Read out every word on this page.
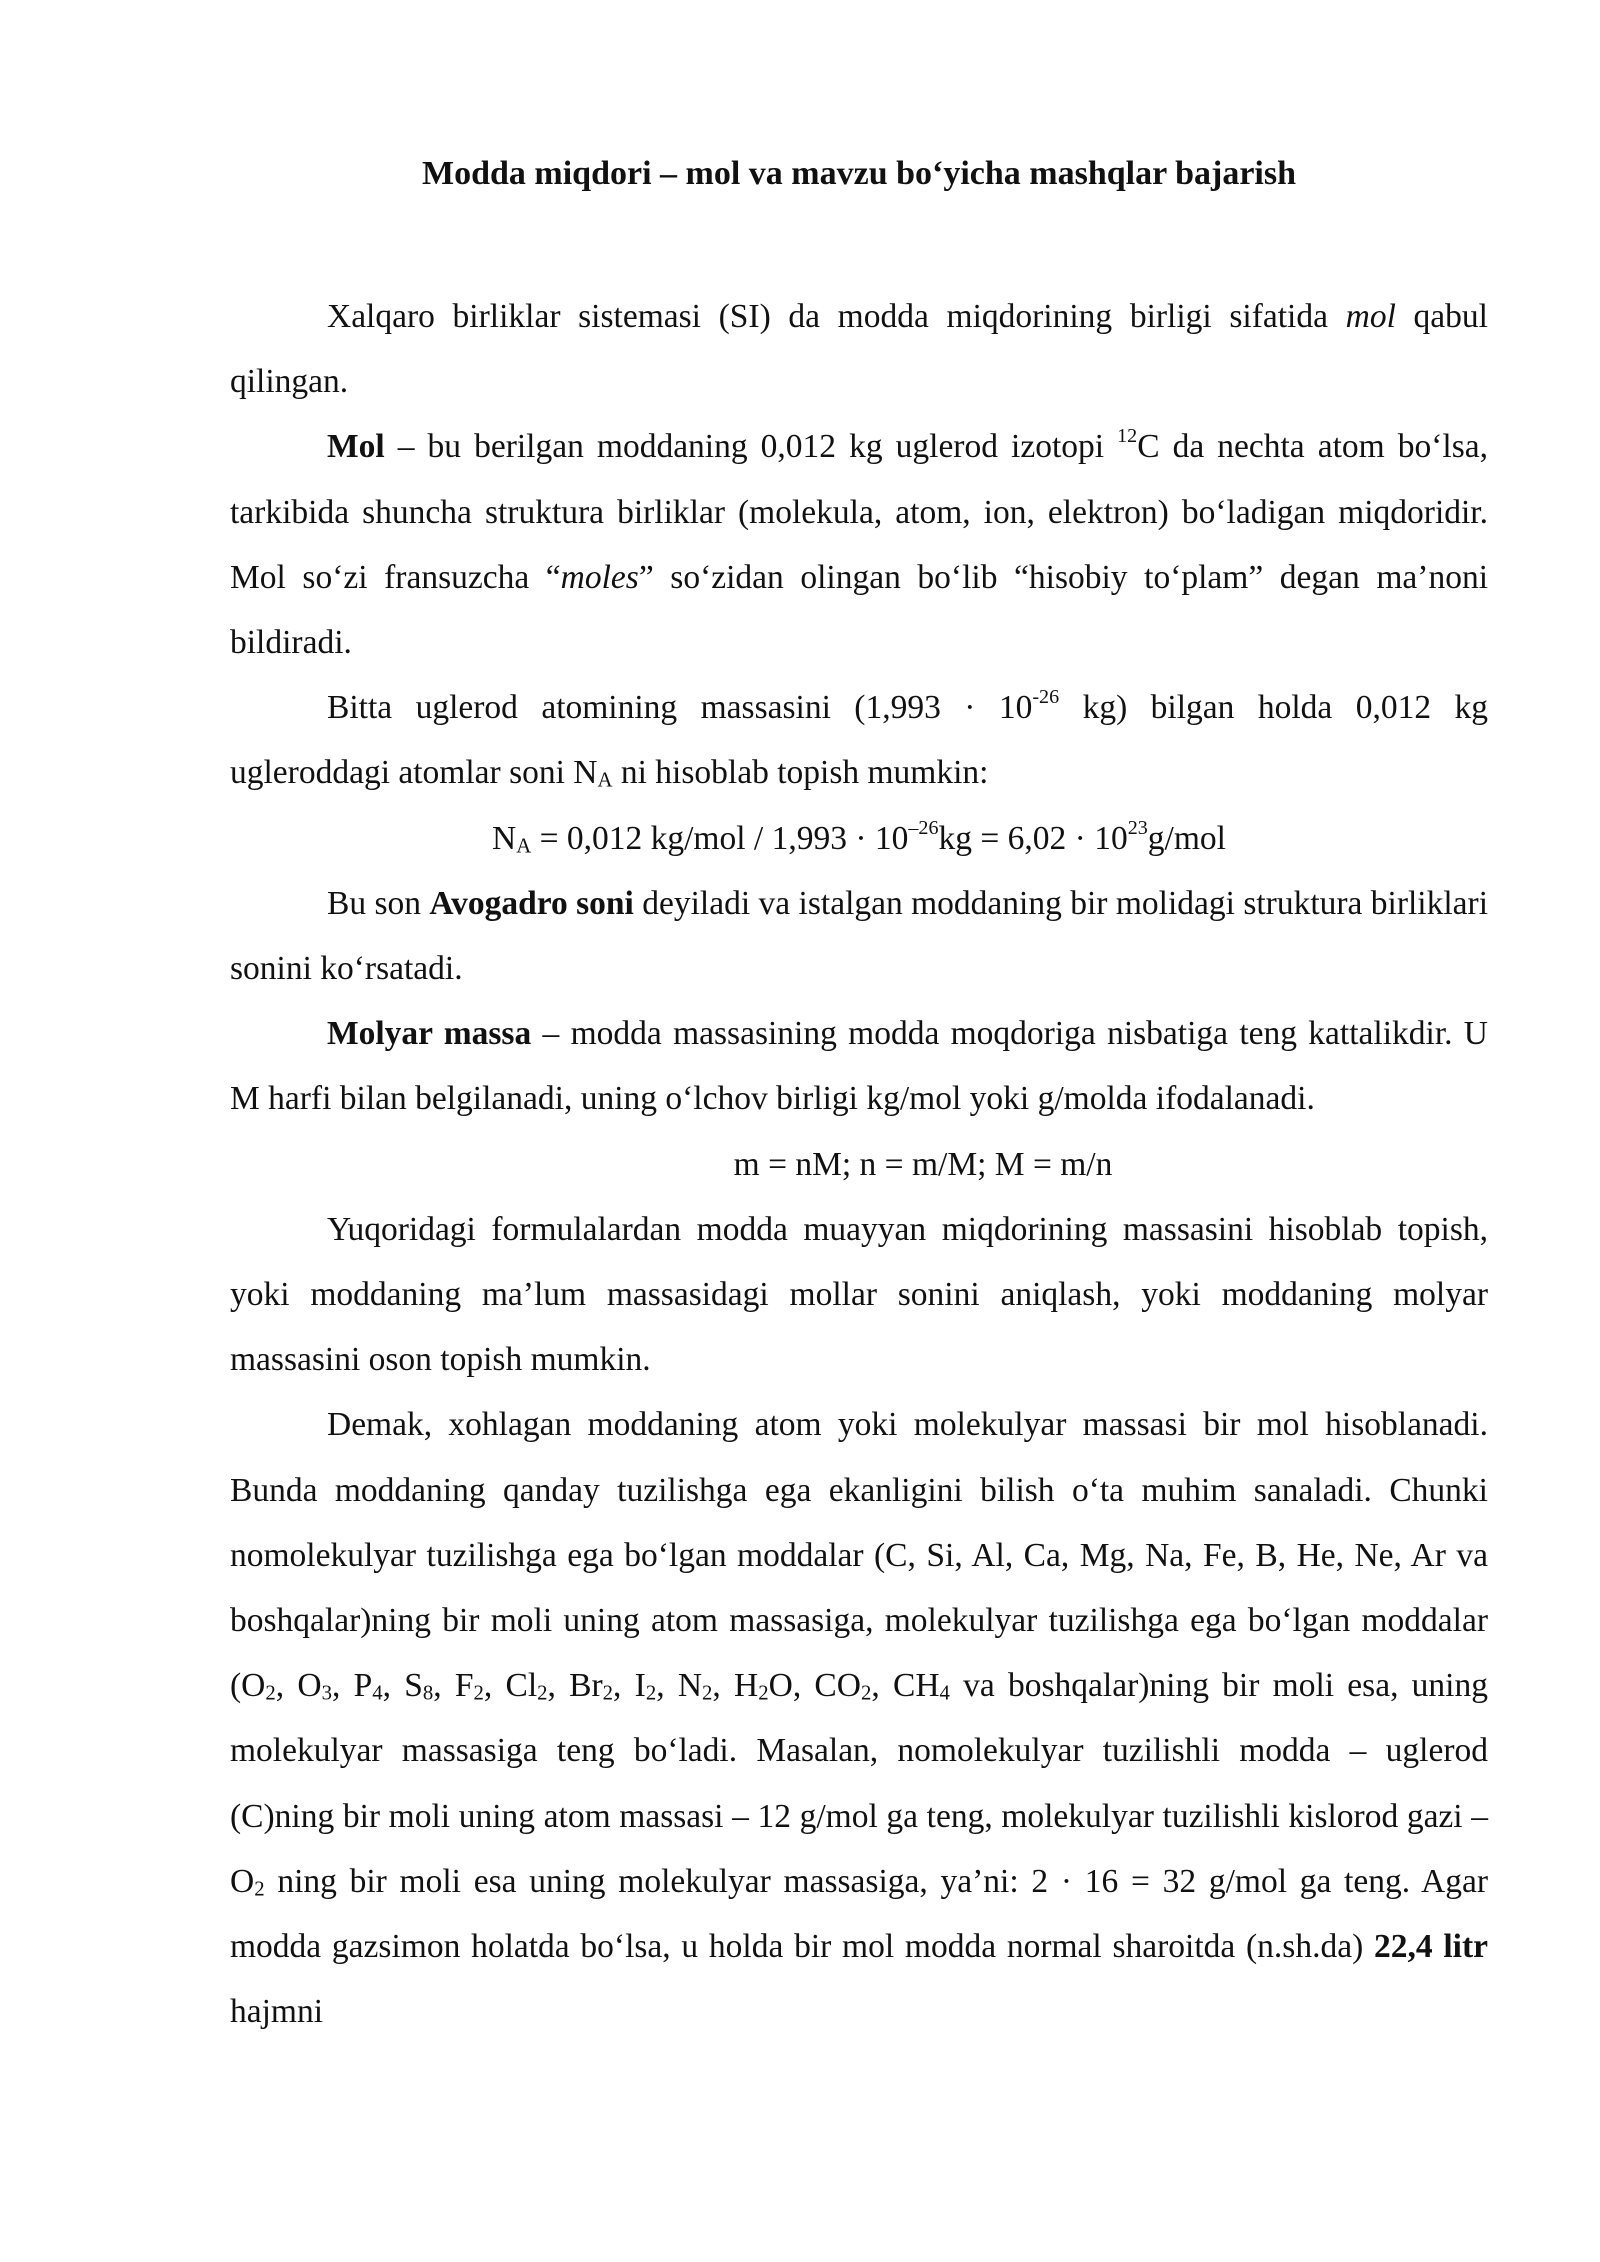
Modda miqdori – mol va mavzu bo‘yicha mashqlar bajarish

Xalqaro birliklar sistemasi (SI) da modda miqdorining birligi sifatida mol qabul qilingan.

Mol – bu berilgan moddaning 0,012 kg uglerod izotopi $^{12}$C da nechta atom bo‘lsa, tarkibida shuncha struktura birliklar (molekula, atom, ion, elektron) bo‘ladigan miqdoridir. Mol so‘zi fransuzcha “moles” so‘zidan olingan bo‘lib “hisobiy to‘plam” degan ma’noni bildiradi.

Bitta uglerod atomining massasini ($1,993 \cdot 10^{-26}$ kg) bilgan holda 0,012 kg ugleroddagi atomlar soni $N_A$ ni hisoblab topish mumkin:

$N_A = 0,012$ $kg/mol / 1,993 \cdot 10^{-26}kg = 6,02 \cdot 10^{23}g/mol$

Bu son Avogadro soni deyiladi va istalgan moddaning bir molidagi struktura birliklari sonini ko‘rsatadi.

Molyar massa – modda massasining modda moqdoriga nisbatiga teng kattalikdir. U M harfi bilan belgilanadi, uning o‘lchov birligi kg/mol yoki g/molda ifodalanadi.

m = nM; n = m/M; M = m/n

Yuqoridagi formulalardan modda muayyan miqdorining massasini hisoblab topish, yoki moddaning ma’lum massasidagi mollar sonini aniqlash, yoki moddaning molyar massasini oson topish mumkin.

Demak, xohlagan moddaning atom yoki molekulyar massasi bir mol hisoblanadi. Bunda moddaning qanday tuzilishga ega ekanligini bilish o‘ta muhim sanaladi. Chunki nomolekulyar tuzilishga ega bo‘lgan moddalar (C, Si, Al, Ca, Mg, Na, Fe, B, He, Ne, Ar va boshqalar)ning bir moli uning atom massasiga, molekulyar tuzilishga ega bo‘lgan moddalar ($O_2$, $O_3$, $P_4$, $S_8$, $F_2$, $Cl_2$, $Br_2$, $I_2$, $N_2$, $H_2O$, $CO_2$, $CH_4$ va boshqalar)ning bir moli esa, uning molekulyar massasiga teng bo‘ladi. Masalan, nomolekulyar tuzilishli modda – uglerod (C)ning bir moli uning atom massasi – 12 g/mol ga teng, molekulyar tuzilishli kislorod gazi – $O_2$ ning bir moli esa uning molekulyar massasiga, ya’ni: 2 · 16 = 32 g/mol ga teng. Agar modda gazsimon holatda bo‘lsa, u holda bir mol modda normal sharoitda (n.sh.da) 22,4 litr hajmni
